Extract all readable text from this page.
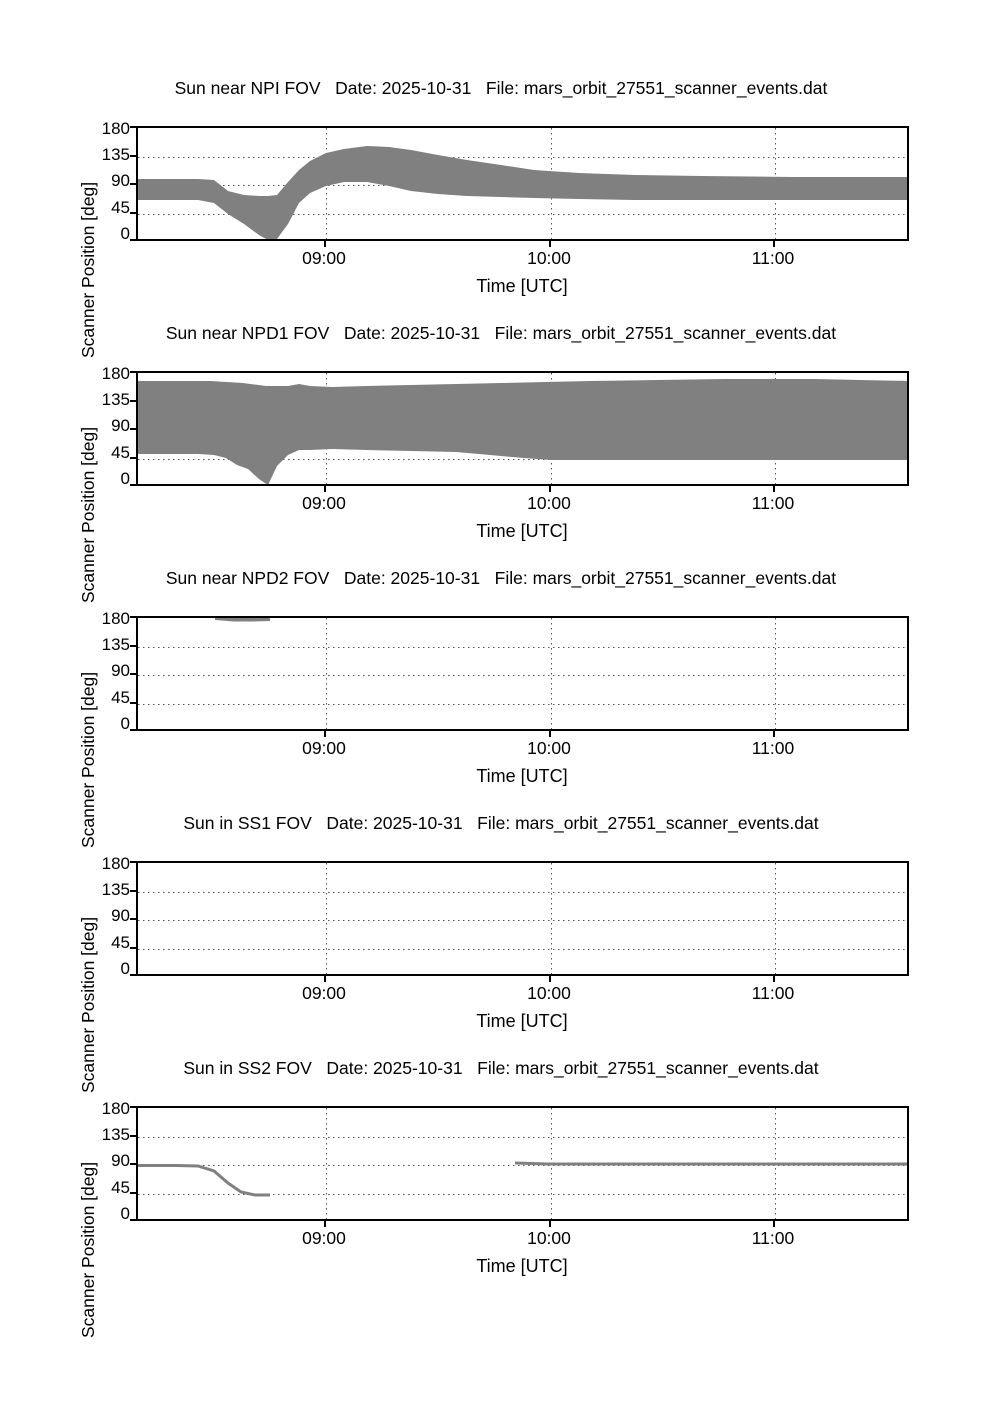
Sun near NPI FOV   Date: 2025-10-31   File: mars_orbit_27551_scanner_events.dat
Scanner Position [deg]
180
135
90
45
0
09:00	10:00	11:00
Time [UTC]
Sun near NPD1 FOV   Date: 2025-10-31   File: mars_orbit_27551_scanner_events.dat
Scanner Position [deg]
180
135
90
45
0
09:00	10:00	11:00
Time [UTC]
Sun near NPD2 FOV   Date: 2025-10-31   File: mars_orbit_27551_scanner_events.dat
Scanner Position [deg]
180
135
90
45
0
09:00	10:00	11:00
Time [UTC]
Sun in SS1 FOV   Date: 2025-10-31   File: mars_orbit_27551_scanner_events.dat
Scanner Position [deg]
180
135
90
45
0
09:00	10:00	11:00
Time [UTC]
Sun in SS2 FOV   Date: 2025-10-31   File: mars_orbit_27551_scanner_events.dat
Scanner Position [deg]
180
135
90
45
0
09:00	10:00	11:00
Time [UTC]
